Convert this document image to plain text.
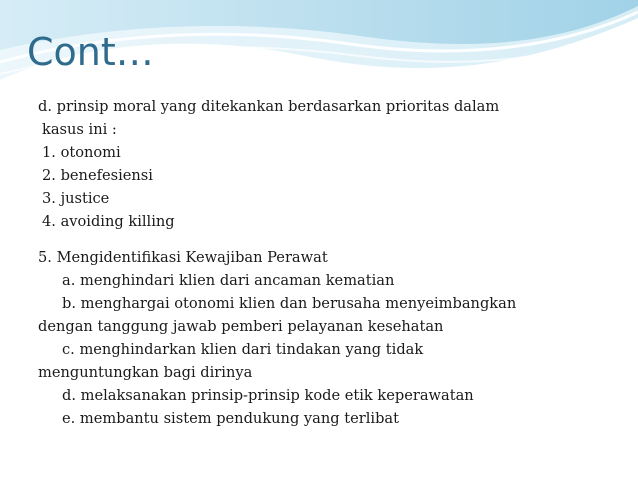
Cont…
d. prinsip moral yang ditekankan berdasarkan prioritas dalam
kasus ini :
1. otonomi
2. benefesiensi
3. justice
4. avoiding killing
5. Mengidentifikasi Kewajiban Perawat
a. menghindari klien dari ancaman kematian
b. menghargai otonomi klien dan berusaha menyeimbangkan
dengan tanggung jawab pemberi pelayanan kesehatan
c. menghindarkan klien dari tindakan yang tidak
menguntungkan bagi dirinya
d. melaksanakan prinsip-prinsip kode etik keperawatan
e. membantu sistem pendukung yang terlibat
